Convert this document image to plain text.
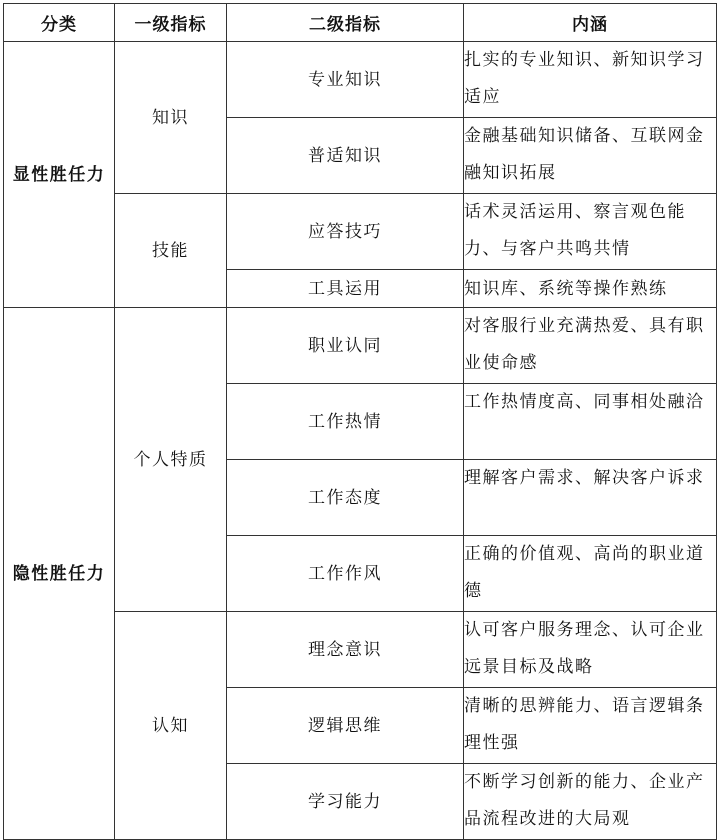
分类	一级指标	二级指标	内涵
显性胜任力	知识	专业知识	扎实的专业知识、新知识学习适应
		普适知识	金融基础知识储备、互联网金融知识拓展
	技能	应答技巧	话术灵活运用、察言观色能力、与客户共鸣共情
		工具运用	知识库、系统等操作熟练
隐性胜任力	个人特质	职业认同	对客服行业充满热爱、具有职业使命感
		工作热情	工作热情度高、同事相处融洽
		工作态度	理解客户需求、解决客户诉求
		工作作风	正确的价值观、高尚的职业道德
	认知	理念意识	认可客户服务理念、认可企业远景目标及战略
		逻辑思维	清晰的思辨能力、语言逻辑条理性强
		学习能力	不断学习创新的能力、企业产品流程改进的大局观
